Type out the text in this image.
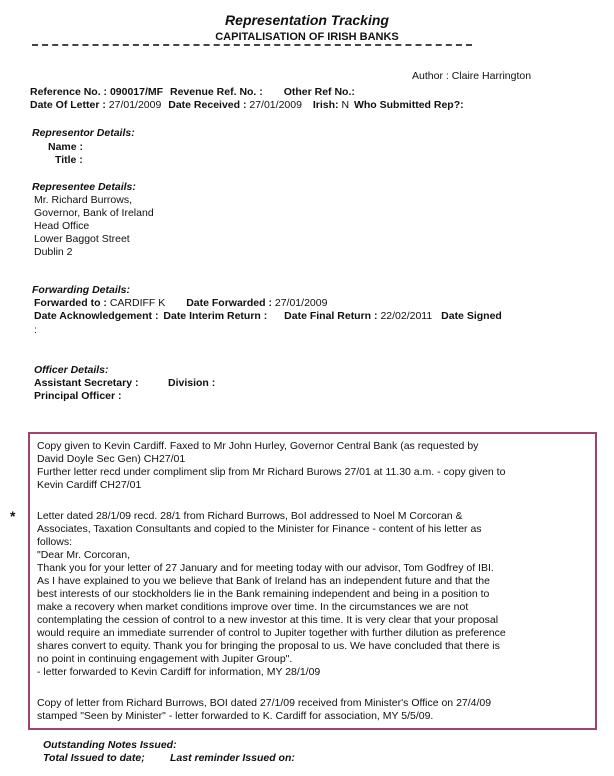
Representation Tracking
CAPITALISATION OF IRISH BANKS
Author : Claire Harrington
Reference No. : 090017/MF Revenue Ref. No. : Other Ref No.:
Date Of Letter : 27/01/2009 Date Received : 27/01/2009 Irish: N Who Submitted Rep?:
Representor Details:
Name :
Title :
Representee Details:
Mr. Richard Burrows,
Governor, Bank of Ireland
Head Office
Lower Baggot Street
Dublin 2
Forwarding Details:
Forwarded to : CARDIFF K Date Forwarded : 27/01/2009
Date Acknowledgement : Date Interim Return : Date Final Return : 22/02/2011 Date Signed
:
Officer Details:
Assistant Secretary :	Division :
Principal Officer :
*
Copy given to Kevin Cardiff. Faxed to Mr John Hurley, Governor Central Bank (as requested by
David Doyle Sec Gen) CH27/01
Further letter recd under compliment slip from Mr Richard Burows 27/01 at 11.30 a.m. - copy given to
Kevin Cardiff CH27/01
Letter dated 28/1/09 recd. 28/1 from Richard Burrows, BoI addressed to Noel M Corcoran &
Associates, Taxation Consultants and copied to the Minister for Finance - content of his letter as
follows:
"Dear Mr. Corcoran,
Thank you for your letter of 27 January and for meeting today with our advisor, Tom Godfrey of IBI.
As I have explained to you we believe that Bank of Ireland has an independent future and that the
best interests of our stockholders lie in the Bank remaining independent and being in a position to
make a recovery when market conditions improve over time. In the circumstances we are not
contemplating the cession of control to a new investor at this time. It is very clear that your proposal
would require an immediate surrender of control to Jupiter together with further dilution as preference
shares convert to equity. Thank you for bringing the proposal to us. We have concluded that there is
no point in continuing engagement with Jupiter Group".
- letter forwarded to Kevin Cardiff for information, MY 28/1/09
Copy of letter from Richard Burrows, BOI dated 27/1/09 received from Minister's Office on 27/4/09
stamped "Seen by Minister" - letter forwarded to K. Cardiff for association, MY 5/5/09.
Outstanding Notes Issued:
Total Issued to date; Last reminder Issued on:
